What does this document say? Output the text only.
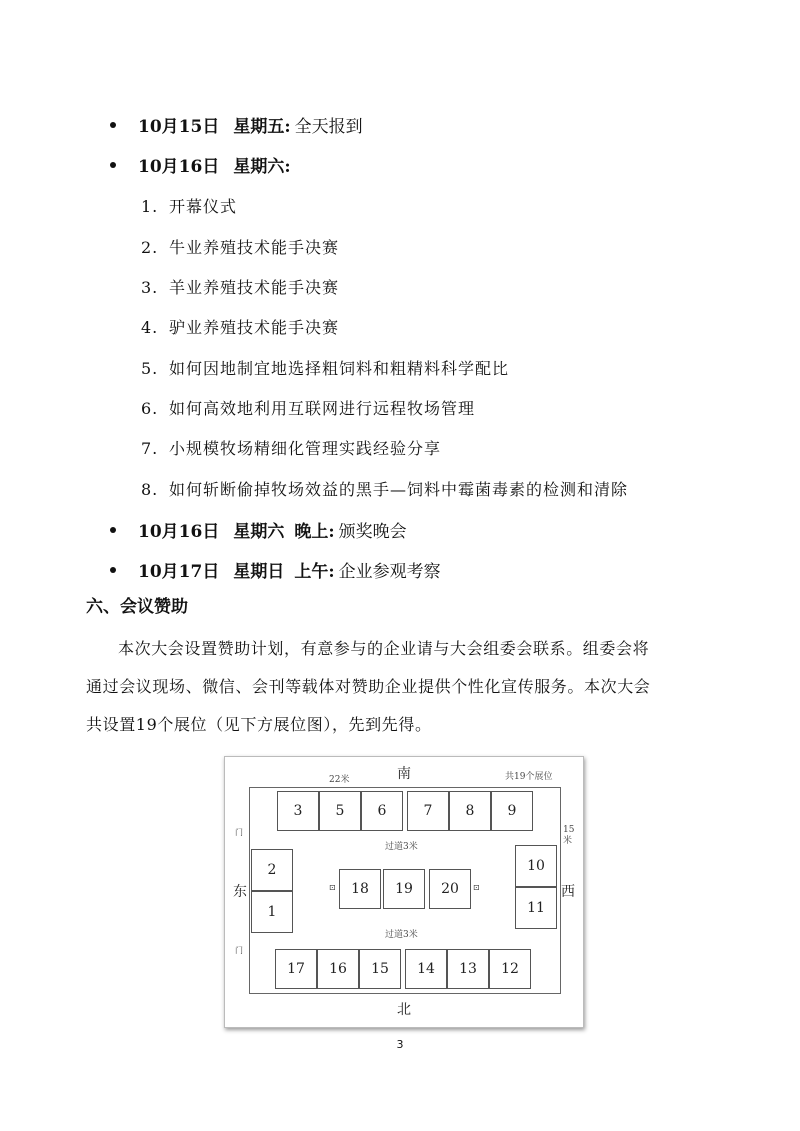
10月15日 星期五: 全天报到
10月16日 星期六:
1. 开幕仪式
2. 牛业养殖技术能手决赛
3. 羊业养殖技术能手决赛
4. 驴业养殖技术能手决赛
5. 如何因地制宜地选择粗饲料和粗精料科学配比
6. 如何高效地利用互联网进行远程牧场管理
7. 小规模牧场精细化管理实践经验分享
8. 如何斩断偷掉牧场效益的黑手—饲料中霉菌毒素的检测和清除
10月16日 星期六 晚上: 颁奖晚会
10月17日 星期日 上午: 企业参观考察
六、会议赞助

本次大会设置赞助计划，有意参与的企业请与大会组委会联系。组委会将

通过会议现场、微信、会刊等载体对赞助企业提供个性化宣传服务。本次大会

共设置19个展位（见下方展位图），先到先得。

南
北
东	西
22米	共19个展位
15米
过道3米
过道3米
门
门
3	5	6	7	8	9
2
1
10
11
⊡	18	19	20	⊡
17	16	15	14	13	12
3
